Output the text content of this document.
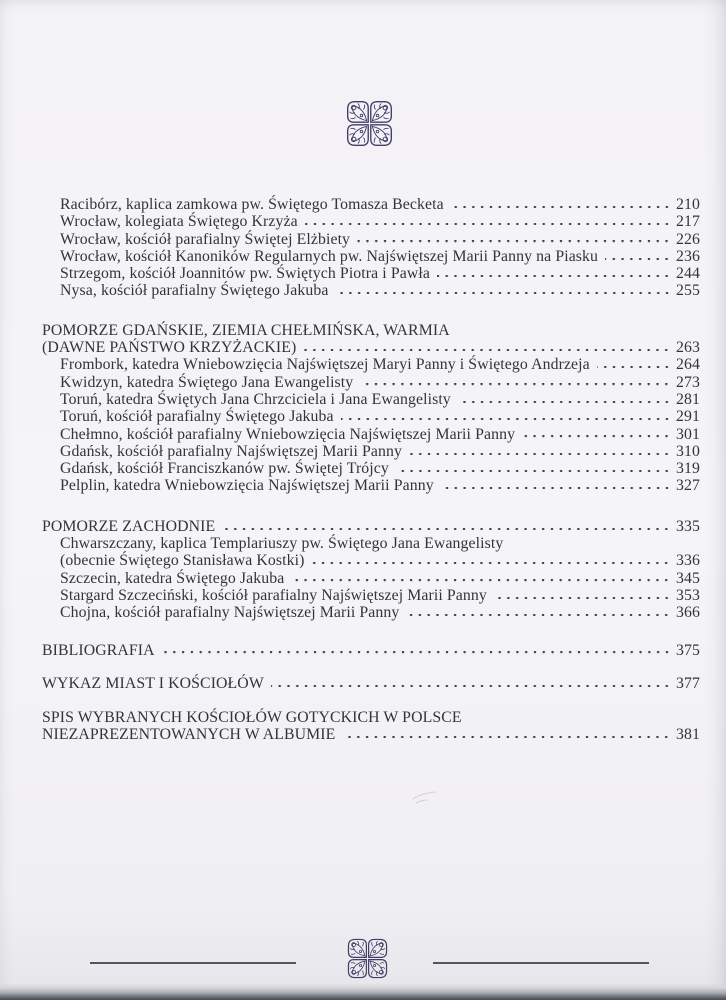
Racibórz, kaplica zamkowa pw. Świętego Tomasza Becketa	210
Wrocław, kolegiata Świętego Krzyża	217
Wrocław, kościół parafialny Świętej Elżbiety	226
Wrocław, kościół Kanoników Regularnych pw. Najświętszej Marii Panny na Piasku	236
Strzegom, kościół Joannitów pw. Świętych Piotra i Pawła	244
Nysa, kościół parafialny Świętego Jakuba	255
POMORZE GDAŃSKIE, ZIEMIA CHEŁMIŃSKA, WARMIA
(DAWNE PAŃSTWO KRZYŻACKIE)	263
Frombork, katedra Wniebowzięcia Najświętszej Maryi Panny i Świętego Andrzeja	264
Kwidzyn, katedra Świętego Jana Ewangelisty	273
Toruń, katedra Świętych Jana Chrzciciela i Jana Ewangelisty	281
Toruń, kościół parafialny Świętego Jakuba	291
Chełmno, kościół parafialny Wniebowzięcia Najświętszej Marii Panny	301
Gdańsk, kościół parafialny Najświętszej Marii Panny	310
Gdańsk, kościół Franciszkanów pw. Świętej Trójcy	319
Pelplin, katedra Wniebowzięcia Najświętszej Marii Panny	327
POMORZE ZACHODNIE	335
Chwarszczany, kaplica Templariuszy pw. Świętego Jana Ewangelisty
(obecnie Świętego Stanisława Kostki)	336
Szczecin, katedra Świętego Jakuba	345
Stargard Szczeciński, kościół parafialny Najświętszej Marii Panny	353
Chojna, kościół parafialny Najświętszej Marii Panny	366
BIBLIOGRAFIA	375
WYKAZ MIAST I KOŚCIOŁÓW	377
SPIS WYBRANYCH KOŚCIOŁÓW GOTYCKICH W POLSCE
NIEZAPREZENTOWANYCH W ALBUMIE	381
